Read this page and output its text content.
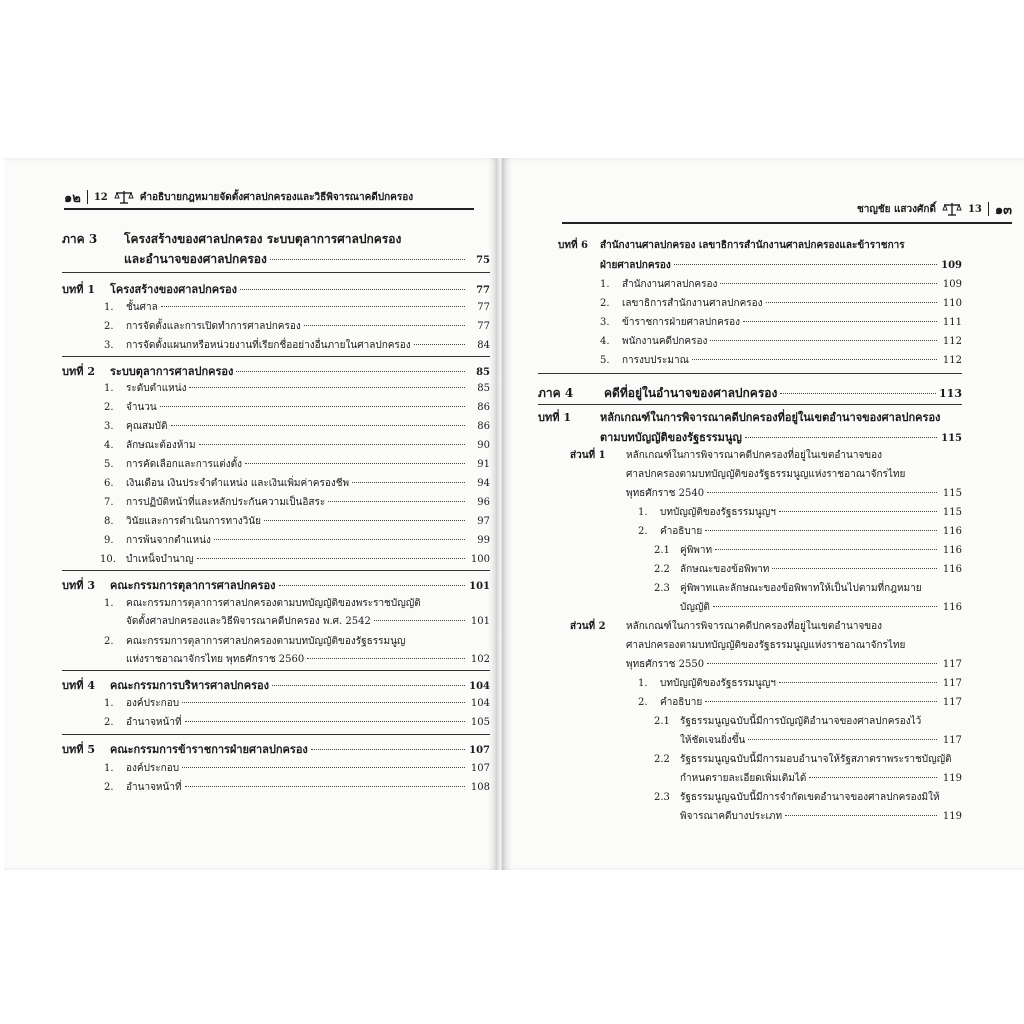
๑๒ 12	คำอธิบายกฎหมายจัดตั้งศาลปกครองและวิธีพิจารณาคดีปกครอง
ภาค 3 โครงสร้างของศาลปกครอง ระบบตุลาการศาลปกครอง
และอำนาจของศาลปกครอง	75
บทที่ 1	โครงสร้างของศาลปกครอง	77
1.	ชั้นศาล	77
2.	การจัดตั้งและการเปิดทำการศาลปกครอง	77
3.	การจัดตั้งแผนกหรือหน่วยงานที่เรียกชื่ออย่างอื่นภายในศาลปกครอง	84
บทที่ 2	ระบบตุลาการศาลปกครอง	85
1.	ระดับตำแหน่ง	85
2.	จำนวน	86
3.	คุณสมบัติ	86
4.	ลักษณะต้องห้าม	90
5.	การคัดเลือกและการแต่งตั้ง	91
6.	เงินเดือน เงินประจำตำแหน่ง และเงินเพิ่มค่าครองชีพ	94
7.	การปฏิบัติหน้าที่และหลักประกันความเป็นอิสระ	96
8.	วินัยและการดำเนินการทางวินัย	97
9.	การพ้นจากตำแหน่ง	99
10.	บำเหน็จบำนาญ	100
บทที่ 3	คณะกรรมการตุลาการศาลปกครอง	101
1.	คณะกรรมการตุลาการศาลปกครองตามบทบัญญัติของพระราชบัญญัติ
จัดตั้งศาลปกครองและวิธีพิจารณาคดีปกครอง พ.ศ. 2542	101
2.	คณะกรรมการตุลาการศาลปกครองตามบทบัญญัติของรัฐธรรมนูญ
แห่งราชอาณาจักรไทย พุทธศักราช 2560	102
บทที่ 4	คณะกรรมการบริหารศาลปกครอง	104
1.	องค์ประกอบ	104
2.	อำนาจหน้าที่	105
บทที่ 5	คณะกรรมการข้าราชการฝ่ายศาลปกครอง	107
1.	องค์ประกอบ	107
2.	อำนาจหน้าที่	108
ชาญชัย แสวงศักดิ์	13 ๑๓
บทที่ 6 สำนักงานศาลปกครอง เลขาธิการสำนักงานศาลปกครองและข้าราชการ
ฝ่ายศาลปกครอง	109
1.	สำนักงานศาลปกครอง	109
2.	เลขาธิการสำนักงานศาลปกครอง	110
3.	ข้าราชการฝ่ายศาลปกครอง	111
4.	พนักงานคดีปกครอง	112
5.	การงบประมาณ	112
ภาค 4	คดีที่อยู่ในอำนาจของศาลปกครอง	113
บทที่ 1	หลักเกณฑ์ในการพิจารณาคดีปกครองที่อยู่ในเขตอำนาจของศาลปกครอง
ตามบทบัญญัติของรัฐธรรมนูญ	115
ส่วนที่ 1 หลักเกณฑ์ในการพิจารณาคดีปกครองที่อยู่ในเขตอำนาจของ
ศาลปกครองตามบทบัญญัติของรัฐธรรมนูญแห่งราชอาณาจักรไทย
พุทธศักราช 2540	115
1.	บทบัญญัติของรัฐธรรมนูญฯ	115
2.	คำอธิบาย	116
2.1	คู่พิพาท	116
2.2	ลักษณะของข้อพิพาท	116
2.3	คู่พิพาทและลักษณะของข้อพิพาทให้เป็นไปตามที่กฎหมาย
บัญญัติ	116
ส่วนที่ 2 หลักเกณฑ์ในการพิจารณาคดีปกครองที่อยู่ในเขตอำนาจของ
ศาลปกครองตามบทบัญญัติของรัฐธรรมนูญแห่งราชอาณาจักรไทย
พุทธศักราช 2550	117
1.	บทบัญญัติของรัฐธรรมนูญฯ	117
2.	คำอธิบาย	117
2.1	รัฐธรรมนูญฉบับนี้มีการบัญญัติอำนาจของศาลปกครองไว้
ให้ชัดเจนยิ่งขึ้น	117
2.2	รัฐธรรมนูญฉบับนี้มีการมอบอำนาจให้รัฐสภาตราพระราชบัญญัติ
กำหนดรายละเอียดเพิ่มเติมได้	119
2.3	รัฐธรรมนูญฉบับนี้มีการจำกัดเขตอำนาจของศาลปกครองมิให้
พิจารณาคดีบางประเภท	119
